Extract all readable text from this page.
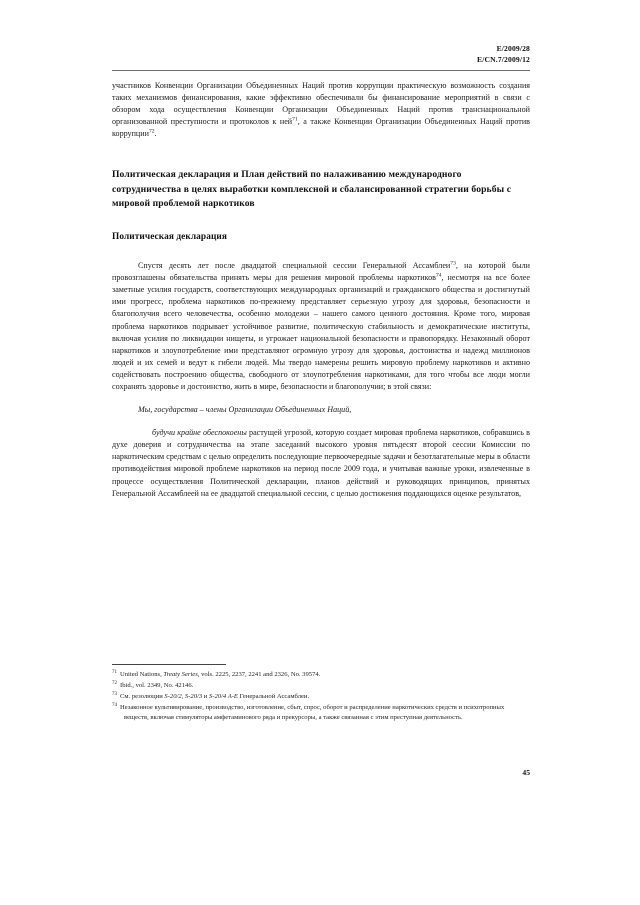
E/2009/28
E/CN.7/2009/12

участников Конвенции Организации Объединенных Наций против коррупции практическую возможность создания таких механизмов финансирования, какие эффективно обеспечивали бы финансирование мероприятий в связи с обзором хода осуществления Конвенции Организации Объединенных Наций против транснациональной организованной преступности и протоколов к ней$^{71}$, а также Конвенции Организации Объединенных Наций против коррупции$^{72}$.

Политическая декларация и План действий по налаживанию международного сотрудничества в целях выработки комплексной и сбалансированной стратегии борьбы с мировой проблемой наркотиков
Политическая декларация

Спустя десять лет после двадцатой специальной сессии Генеральной Ассамблеи$^{73}$, на которой были провозглашены обязательства принять меры для решения мировой проблемы наркотиков$^{74}$, несмотря на все более заметные усилия государств, соответствующих международных организаций и гражданского общества и достигнутый ими прогресс, проблема наркотиков по-прежнему представляет серьезную угрозу для здоровья, безопасности и благополучия всего человечества, особенно молодежи – нашего самого ценного достояния. Кроме того, мировая проблема наркотиков подрывает устойчивое развитие, политическую стабильность и демократические институты, включая усилия по ликвидации нищеты, и угрожает национальной безопасности и правопорядку. Незаконный оборот наркотиков и злоупотребление ими представляют огромную угрозу для здоровья, достоинства и надежд миллионов людей и их семей и ведут к гибели людей. Мы твердо намерены решить мировую проблему наркотиков и активно содействовать построению общества, свободного от злоупотребления наркотиками, для того чтобы все люди могли сохранять здоровье и достоинство, жить в мире, безопасности и благополучии; в этой связи:

Мы, государства – члены Организации Объединенных Наций,

будучи крайне обеспокоены растущей угрозой, которую создает мировая проблема наркотиков, собравшись в духе доверия и сотрудничества на этапе заседаний высокого уровня пятьдесят второй сессии Комиссии по наркотическим средствам с целью определить последующие первоочередные задачи и безотлагательные меры в области противодействия мировой проблеме наркотиков на период после 2009 года, и учитывая важные уроки, извлеченные в процессе осуществления Политической декларации, планов действий и руководящих принципов, принятых Генеральной Ассамблеей на ее двадцатой специальной сессии, с целью достижения поддающихся оценке результатов,

$^{71}$ United Nations, Treaty Series, vols. 2225, 2237, 2241 and 2326, No. 39574.

$^{72}$ Ibid., vol. 2349, No. 42146.

$^{73}$ См. резолюции S-20/2, S-20/3 и S-20/4 A-E Генеральной Ассамблеи.

$^{74}$ Незаконное культивирование, производство, изготовление, сбыт, спрос, оборот и распределение наркотических средств и психотропных веществ, включая стимуляторы амфетаминового ряда и прекурсоры, а также связанная с этим преступная деятельность.

45
